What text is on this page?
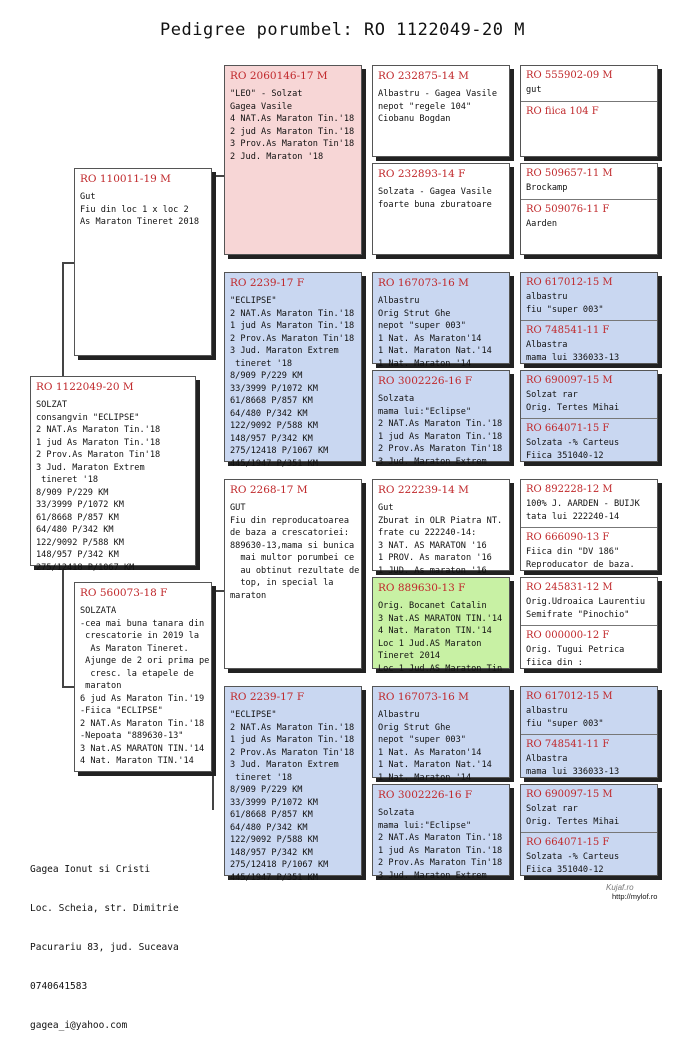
Pedigree porumbel: RO 1122049-20 M
RO 1122049-20 M
SOLZAT
consangvin "ECLIPSE"
2 NAT.As Maraton Tin.'18
1 jud As Maraton Tin.'18
2 Prov.As Maraton Tin'18
3 Jud. Maraton Extrem
tineret '18
8/909 P/229 KM
33/3999 P/1072 KM
61/8668 P/857 KM
64/480 P/342 KM
122/9092 P/588 KM
148/957 P/342 KM
275/12418 P/1067 KM
RO 110011-19 M
Gut
Fiu din loc 1 x loc 2
As Maraton Tineret 2018
RO 560073-18 F
SOLZATA
-cea mai buna tanara din
crescatorie in 2019 la
As Maraton Tineret.
Ajunge de 2 ori prima pe
cresc. la etapele de
maraton
6 jud As Maraton Tin.'19
-Fiica "ECLIPSE"
2 NAT.As Maraton Tin.'18
-Nepoata "889630-13"
3 Nat.AS MARATON TIN.'14
4 Nat. Maraton TIN.'14
RO 2060146-17 M
"LEO" - Solzat
Gagea Vasile
4 NAT.As Maraton Tin.'18
2 jud As Maraton Tin.'18
3 Prov.As Maraton Tin'18
2 Jud. Maraton '18
RO 2239-17 F
"ECLIPSE"
2 NAT.As Maraton Tin.'18
1 jud As Maraton Tin.'18
2 Prov.As Maraton Tin'18
3 Jud. Maraton Extrem
tineret '18
8/909 P/229 KM
33/3999 P/1072 KM
61/8668 P/857 KM
64/480 P/342 KM
122/9092 P/588 KM
148/957 P/342 KM
275/12418 P/1067 KM
445/1947 P/351 KM
RO 2268-17 M
GUT
Fiu din reproducatoarea
de baza a crescatoriei:
889630-13,mama si bunica
mai multor porumbei ce
au obtinut rezultate de
top, in special la
maraton
RO 2239-17 F
"ECLIPSE"
2 NAT.As Maraton Tin.'18
1 jud As Maraton Tin.'18
2 Prov.As Maraton Tin'18
3 Jud. Maraton Extrem
tineret '18
8/909 P/229 KM
33/3999 P/1072 KM
61/8668 P/857 KM
64/480 P/342 KM
122/9092 P/588 KM
148/957 P/342 KM
275/12418 P/1067 KM
445/1947 P/351 KM
RO 232875-14 M
Albastru - Gagea Vasile
nepot "regele 104"
Ciobanu Bogdan
RO 232893-14 F
Solzata - Gagea Vasile
foarte buna zburatoare
RO 167073-16 M
Albastru
Orig Strut Ghe
nepot "super 003"
1 Nat. As Maraton'14
1 Nat. Maraton Nat.'14
1 Nat. Maraton '14
RO 3002226-16 F
Solzata
mama lui:"Eclipse"
2 NAT.As Maraton Tin.'18
1 jud As Maraton Tin.'18
2 Prov.As Maraton Tin'18
3 Jud. Maraton Extrem
RO 222239-14 M
Gut
Zburat in OLR Piatra NT.
frate cu 222240-14:
3 NAT. AS MARATON '16
1 PROV. As maraton '16
1 JUD. As maraton '16
RO 889630-13 F
Orig. Bocanet Catalin
3 Nat.AS MARATON TIN.'14
4 Nat. Maraton TIN.'14
Loc 1 Jud.AS Maraton
Tineret 2014
Loc 1 Jud.AS Maraton Tin
RO 167073-16 M
Albastru
Orig Strut Ghe
nepot "super 003"
1 Nat. As Maraton'14
1 Nat. Maraton Nat.'14
1 Nat. Maraton '14
RO 3002226-16 F
Solzata
mama lui:"Eclipse"
2 NAT.As Maraton Tin.'18
1 jud As Maraton Tin.'18
2 Prov.As Maraton Tin'18
3 Jud. Maraton Extrem
RO 555902-09 M
gut
RO fiica 104 F
RO 509657-11 M
Brockamp
RO 509076-11 F
Aarden
RO 617012-15 M
albastru
fiu "super 003"
RO 748541-11 F
Albastra
mama lui 336033-13
RO 690097-15 M
Solzat rar
Orig. Tertes Mihai
RO 664071-15 F
Solzata -% Carteus
Fiica 351040-12
RO 892228-12 M
100% J. AARDEN - BUIJK
tata lui 222240-14
RO 666090-13 F
Fiica din "DV 186"
Reproducator de baza.
RO 245831-12 M
Orig.Udroaica Laurentiu
Semifrate "Pinochio"
RO 000000-12 F
Orig. Tugui Petrica
fiica din :
RO 617012-15 M
albastru
fiu "super 003"
RO 748541-11 F
Albastra
mama lui 336033-13
RO 690097-15 M
Solzat rar
Orig. Tertes Mihai
RO 664071-15 F
Solzata -% Carteus
Fiica 351040-12

Gagea Ionut si Cristi

Loc. Scheia, str. Dimitrie

Pacurariu 83, jud. Suceava

0740641583

gagea_i@yahoo.com

Kujaf.ro
http://mylof.ro
